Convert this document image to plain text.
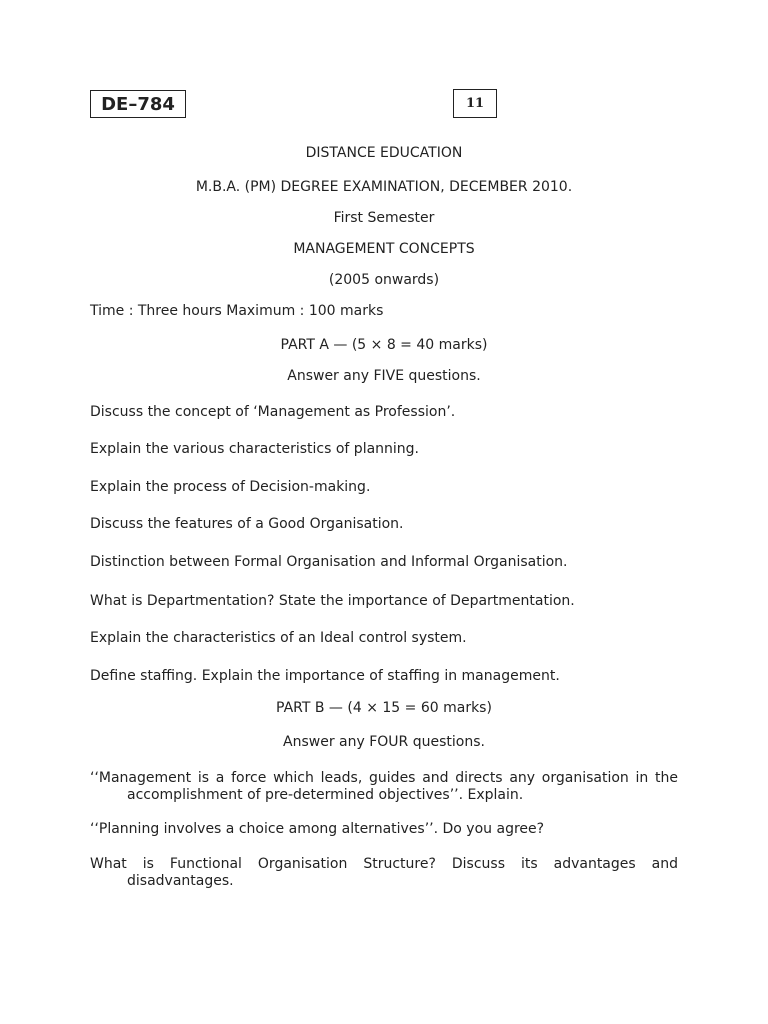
DE–784	11
DISTANCE EDUCATION
M.B.A. (PM) DEGREE EXAMINATION, DECEMBER 2010.
First Semester
MANAGEMENT CONCEPTS
(2005 onwards)
Time : Three hours Maximum : 100 marks
PART A — (5 × 8 = 40 marks)
Answer any FIVE questions.
Discuss the concept of ‘Management as Profession’.
Explain the various characteristics of planning.
Explain the process of Decision-making.
Discuss the features of a Good Organisation.
Distinction between Formal Organisation and Informal Organisation.
What is Departmentation? State the importance of Departmentation.
Explain the characteristics of an Ideal control system.
Define staffing. Explain the importance of staffing in management.
PART B — (4 × 15 = 60 marks)
Answer any FOUR questions.
‘‘Management is a force which leads, guides and directs any organisation in the accomplishment of pre-determined objectives’’. Explain.
‘‘Planning involves a choice among alternatives’’. Do you agree?
What is Functional Organisation Structure? Discuss its advantages and disadvantages.
